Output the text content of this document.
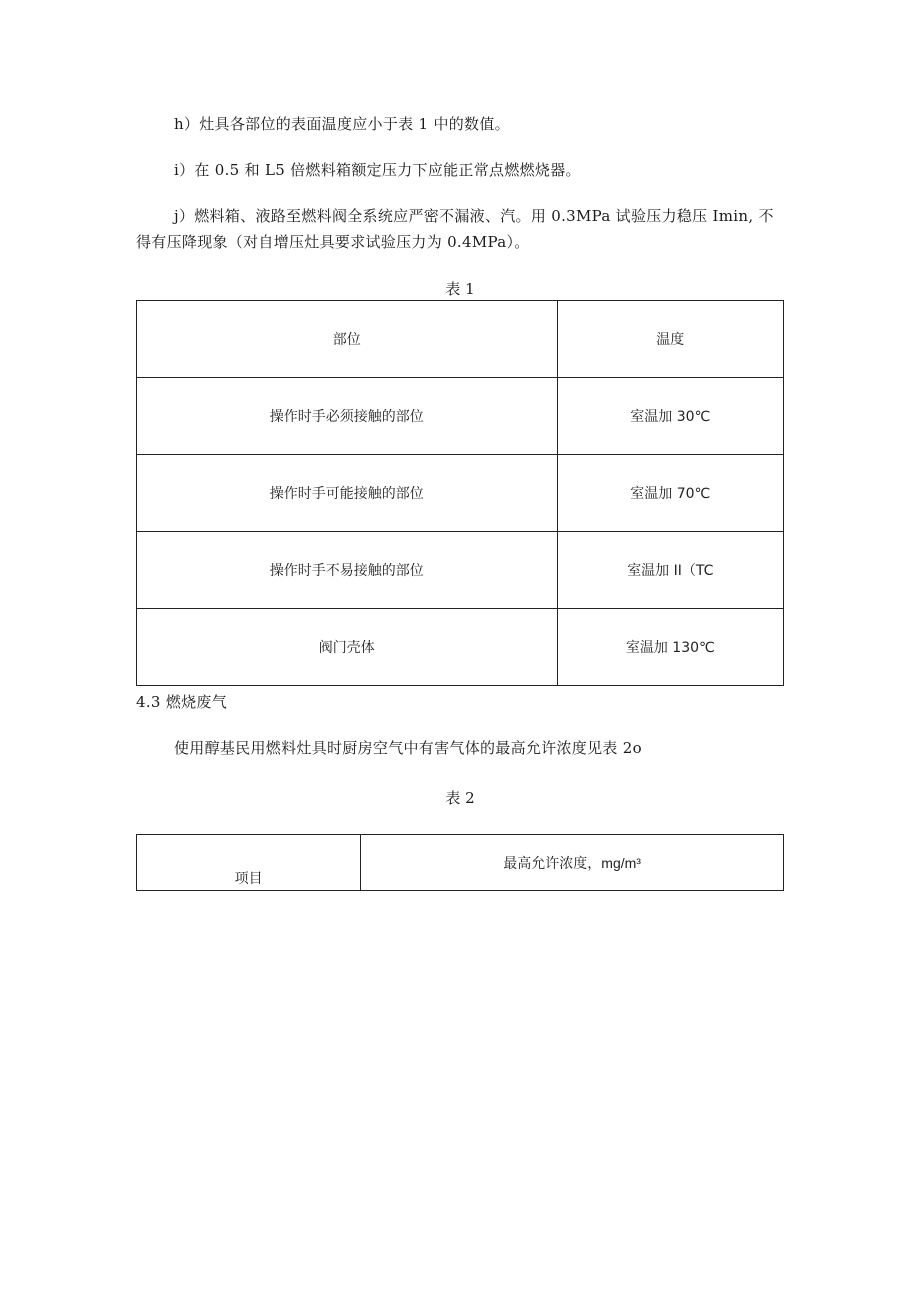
h）灶具各部位的表面温度应小于表 1 中的数值。
i）在 0.5 和 L5 倍燃料箱额定压力下应能正常点燃燃烧器。
j）燃料箱、液路至燃料阀全系统应严密不漏液、汽。用 0.3MPa 试验压力稳压 Imin, 不
得有压降现象（对自增压灶具要求试验压力为 0.4MPa）。
表 1
部位	温度
操作时手必须接触的部位	室温加 30℃
操作时手可能接触的部位	室温加 70℃
操作时手不易接触的部位	室温加 II（TC
阀门壳体	室温加 130℃
4.3 燃烧废气
使用醇基民用燃料灶具时厨房空气中有害气体的最高允许浓度见表 2o
表 2
项目	最高允许浓度，mg/m³
